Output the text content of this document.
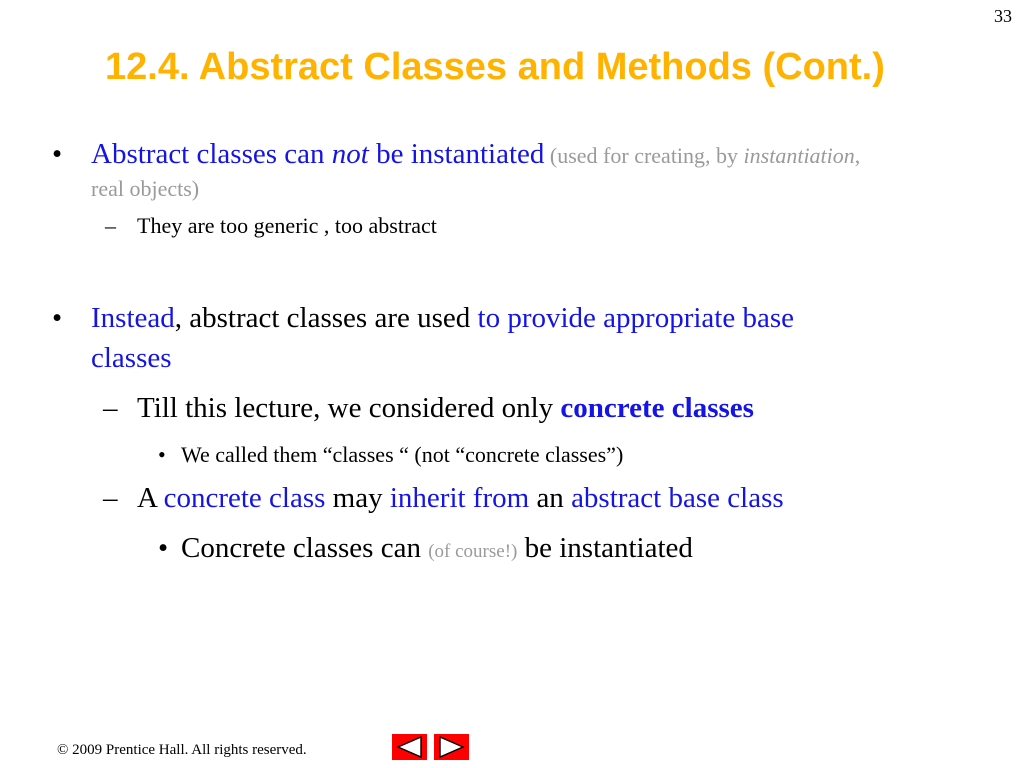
33
12.4. Abstract Classes and Methods (Cont.)
• Abstract classes can not be instantiated (used for creating, by instantiation,
real objects)
– They are too generic , too abstract
• Instead, abstract classes are used to provide appropriate base
classes
– Till this lecture, we considered only concrete classes
• We called them “classes “ (not “concrete classes”)
– A concrete class may inherit from an abstract base class
• Concrete classes can (of course!) be instantiated
© 2009 Prentice Hall. All rights reserved.
